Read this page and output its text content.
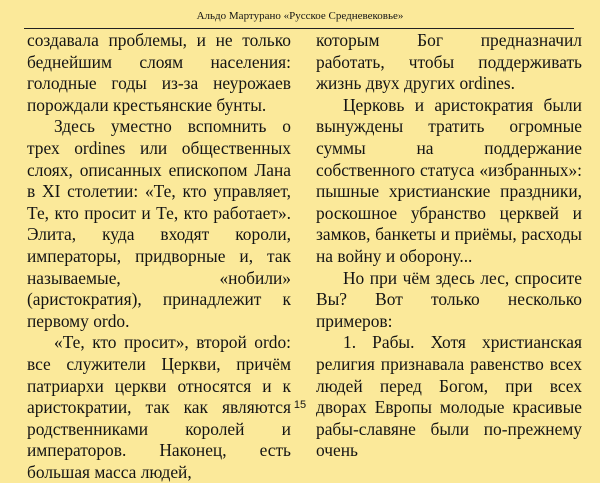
Альдо Мартурано «Русское Средневековье»

создавала проблемы, и не только беднейшим слоям населения: голодные годы из-за неурожаев порождали крестьянские бунты.

Здесь уместно вспомнить о трех ordines или общественных слоях, описанных епископом Лана в XI столетии: «Те, кто управляет, Те, кто просит и Те, кто работает». Элита, куда входят короли, императоры, придворные и, так называемые, «нобили» (аристократия), принадлежит к первому ordo.

«Те, кто просит», второй ordo: все служители Церкви, причём патриархи церкви относятся и к аристократии, так как являются родственниками королей и императоров. Наконец, есть большая масса людей,

которым Бог предназначил работать, чтобы поддерживать жизнь двух других ordines.

Церковь и аристократия были вынуждены тратить огромные суммы на поддержание собственного статуса «избранных»: пышные христианские праздники, роскошное убранство церквей и замков, банкеты и приёмы, расходы на войну и оборону...

Но при чём здесь лес, спросите Вы? Вот только несколько примеров:

1. Рабы. Хотя христианская религия признавала равенство всех людей перед Богом, при всех дворах Европы молодые красивые рабы-славяне были по-прежнему очень

15
